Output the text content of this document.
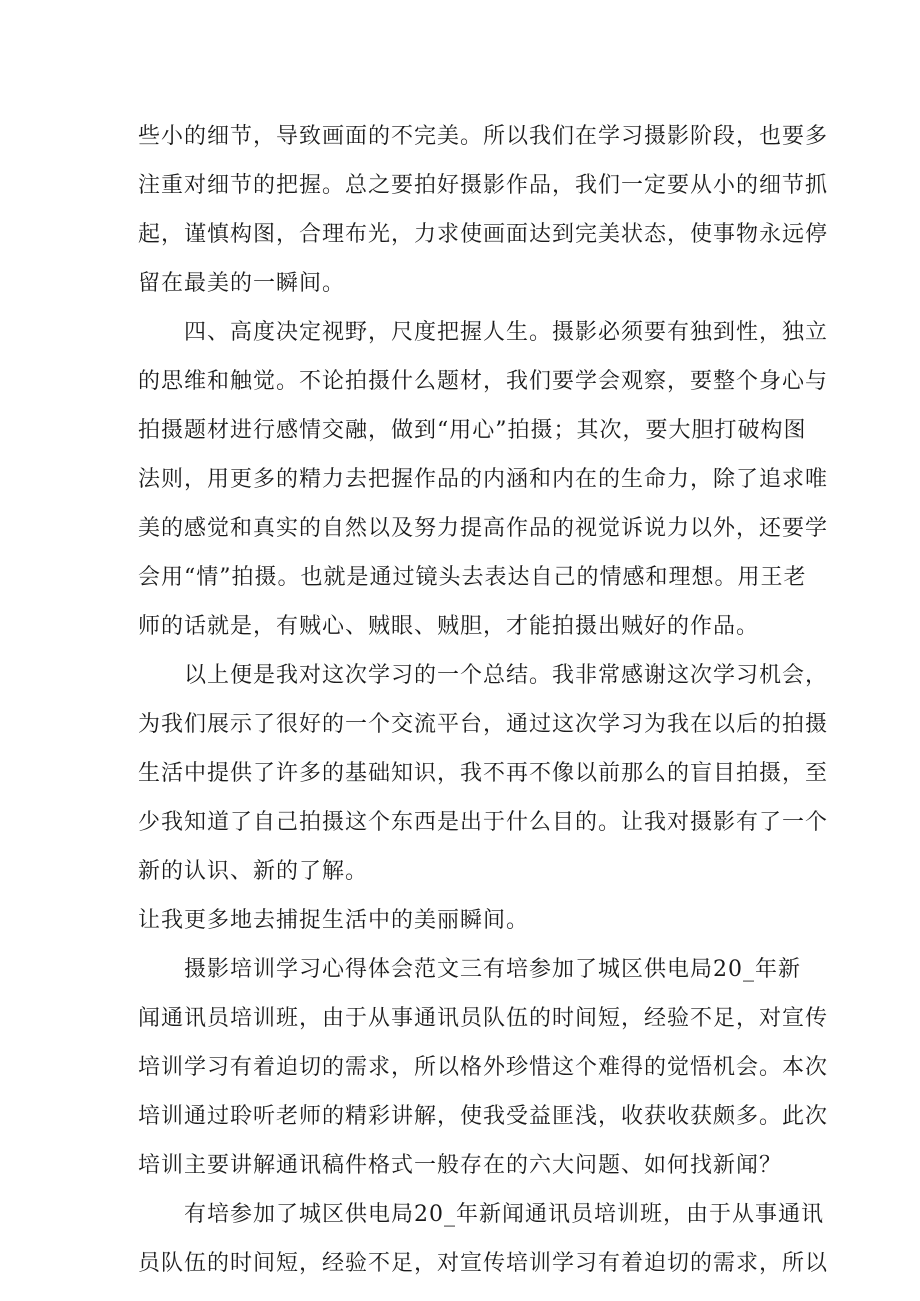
些小的细节，导致画面的不完美。所以我们在学习摄影阶段，也要多
注重对细节的把握。总之要拍好摄影作品，我们一定要从小的细节抓
起，谨慎构图，合理布光，力求使画面达到完美状态，使事物永远停
留在最美的一瞬间。
四、高度决定视野，尺度把握人生。摄影必须要有独到性，独立
的思维和触觉。不论拍摄什么题材，我们要学会观察，要整个身心与
拍摄题材进行感情交融，做到“用心”拍摄；其次，要大胆打破构图
法则，用更多的精力去把握作品的内涵和内在的生命力，除了追求唯
美的感觉和真实的自然以及努力提高作品的视觉诉说力以外，还要学
会用“情”拍摄。也就是通过镜头去表达自己的情感和理想。用王老
师的话就是，有贼心、贼眼、贼胆，才能拍摄出贼好的作品。
以上便是我对这次学习的一个总结。我非常感谢这次学习机会，
为我们展示了很好的一个交流平台，通过这次学习为我在以后的拍摄
生活中提供了许多的基础知识，我不再不像以前那么的盲目拍摄，至
少我知道了自己拍摄这个东西是出于什么目的。让我对摄影有了一个
新的认识、新的了解。
让我更多地去捕捉生活中的美丽瞬间。
摄影培训学习心得体会范文三有培参加了城区供电局20_年新
闻通讯员培训班，由于从事通讯员队伍的时间短，经验不足，对宣传
培训学习有着迫切的需求，所以格外珍惜这个难得的觉悟机会。本次
培训通过聆听老师的精彩讲解，使我受益匪浅，收获收获颇多。此次
培训主要讲解通讯稿件格式一般存在的六大问题、如何找新闻？
有培参加了城区供电局20_年新闻通讯员培训班，由于从事通讯
员队伍的时间短，经验不足，对宣传培训学习有着迫切的需求，所以
